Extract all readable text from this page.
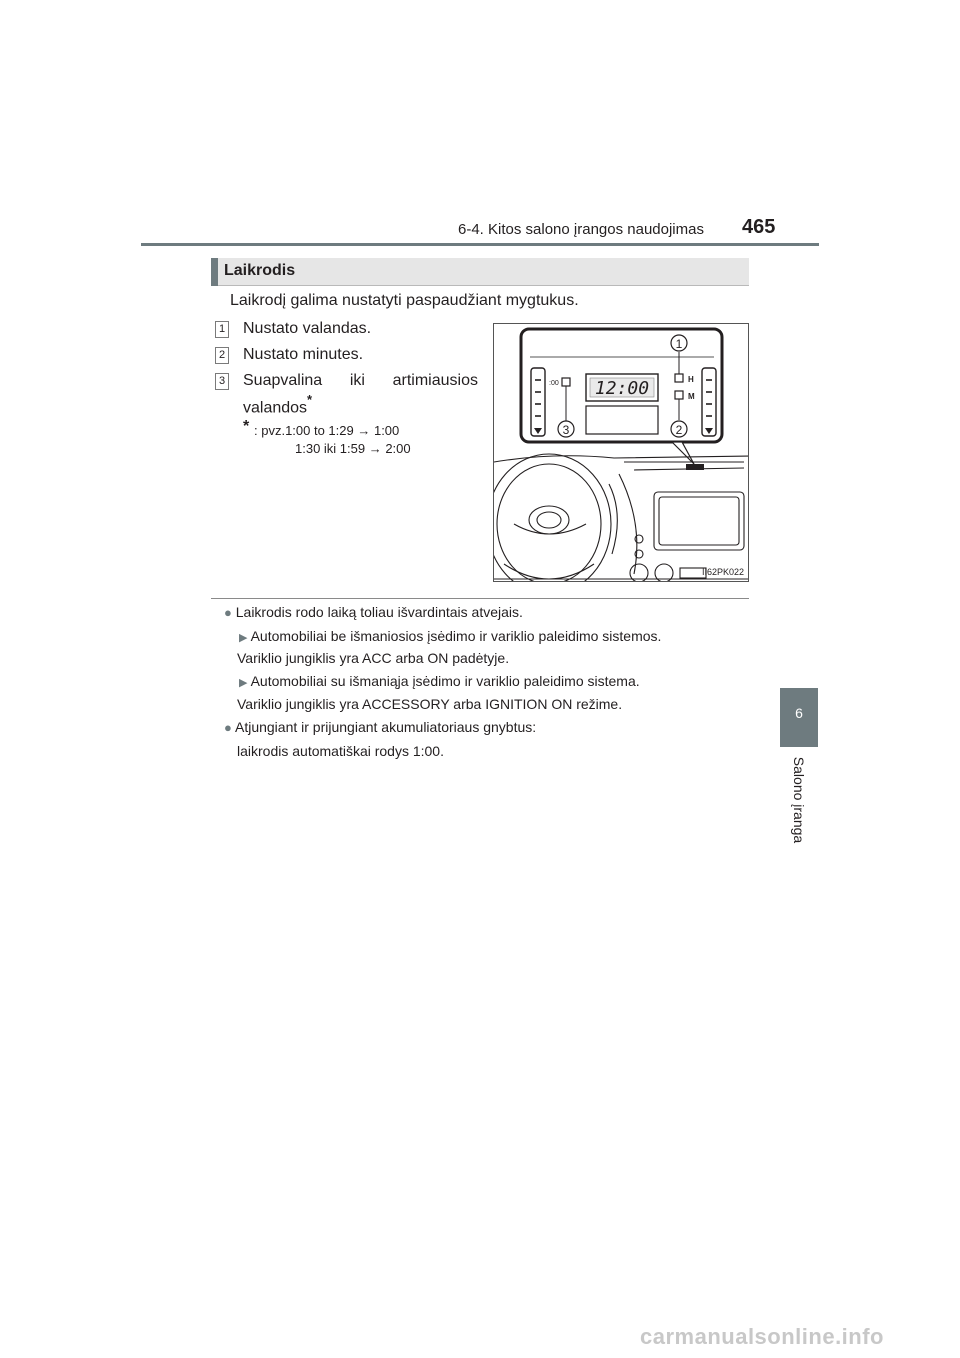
6-4. Kitos salono įrangos naudojimas 465
6
Salono įranga
Laikrodis
Laikrodį galima nustatyti paspaudžiant mygtukus.
1 Nustato valandas.
2 Nustato minutes.
3 Suapvalina iki artimiausios
valandos*
* : pvz.1:00 to 1:29 → 1:00
1:30 iki 1:59 → 2:00
12:00
:00	H
M
1
2
3
II62PK022
● Laikrodis rodo laiką toliau išvardintais atvejais.
▶ Automobiliai be išmaniosios įsėdimo ir variklio paleidimo sistemos.
Variklio jungiklis yra ACC arba ON padėtyje.
▶ Automobiliai su išmaniąja įsėdimo ir variklio paleidimo sistema.
Variklio jungiklis yra ACCESSORY arba IGNITION ON režime.
● Atjungiant ir prijungiant akumuliatoriaus gnybtus:
laikrodis automatiškai rodys 1:00.
carmanualsonline.info
